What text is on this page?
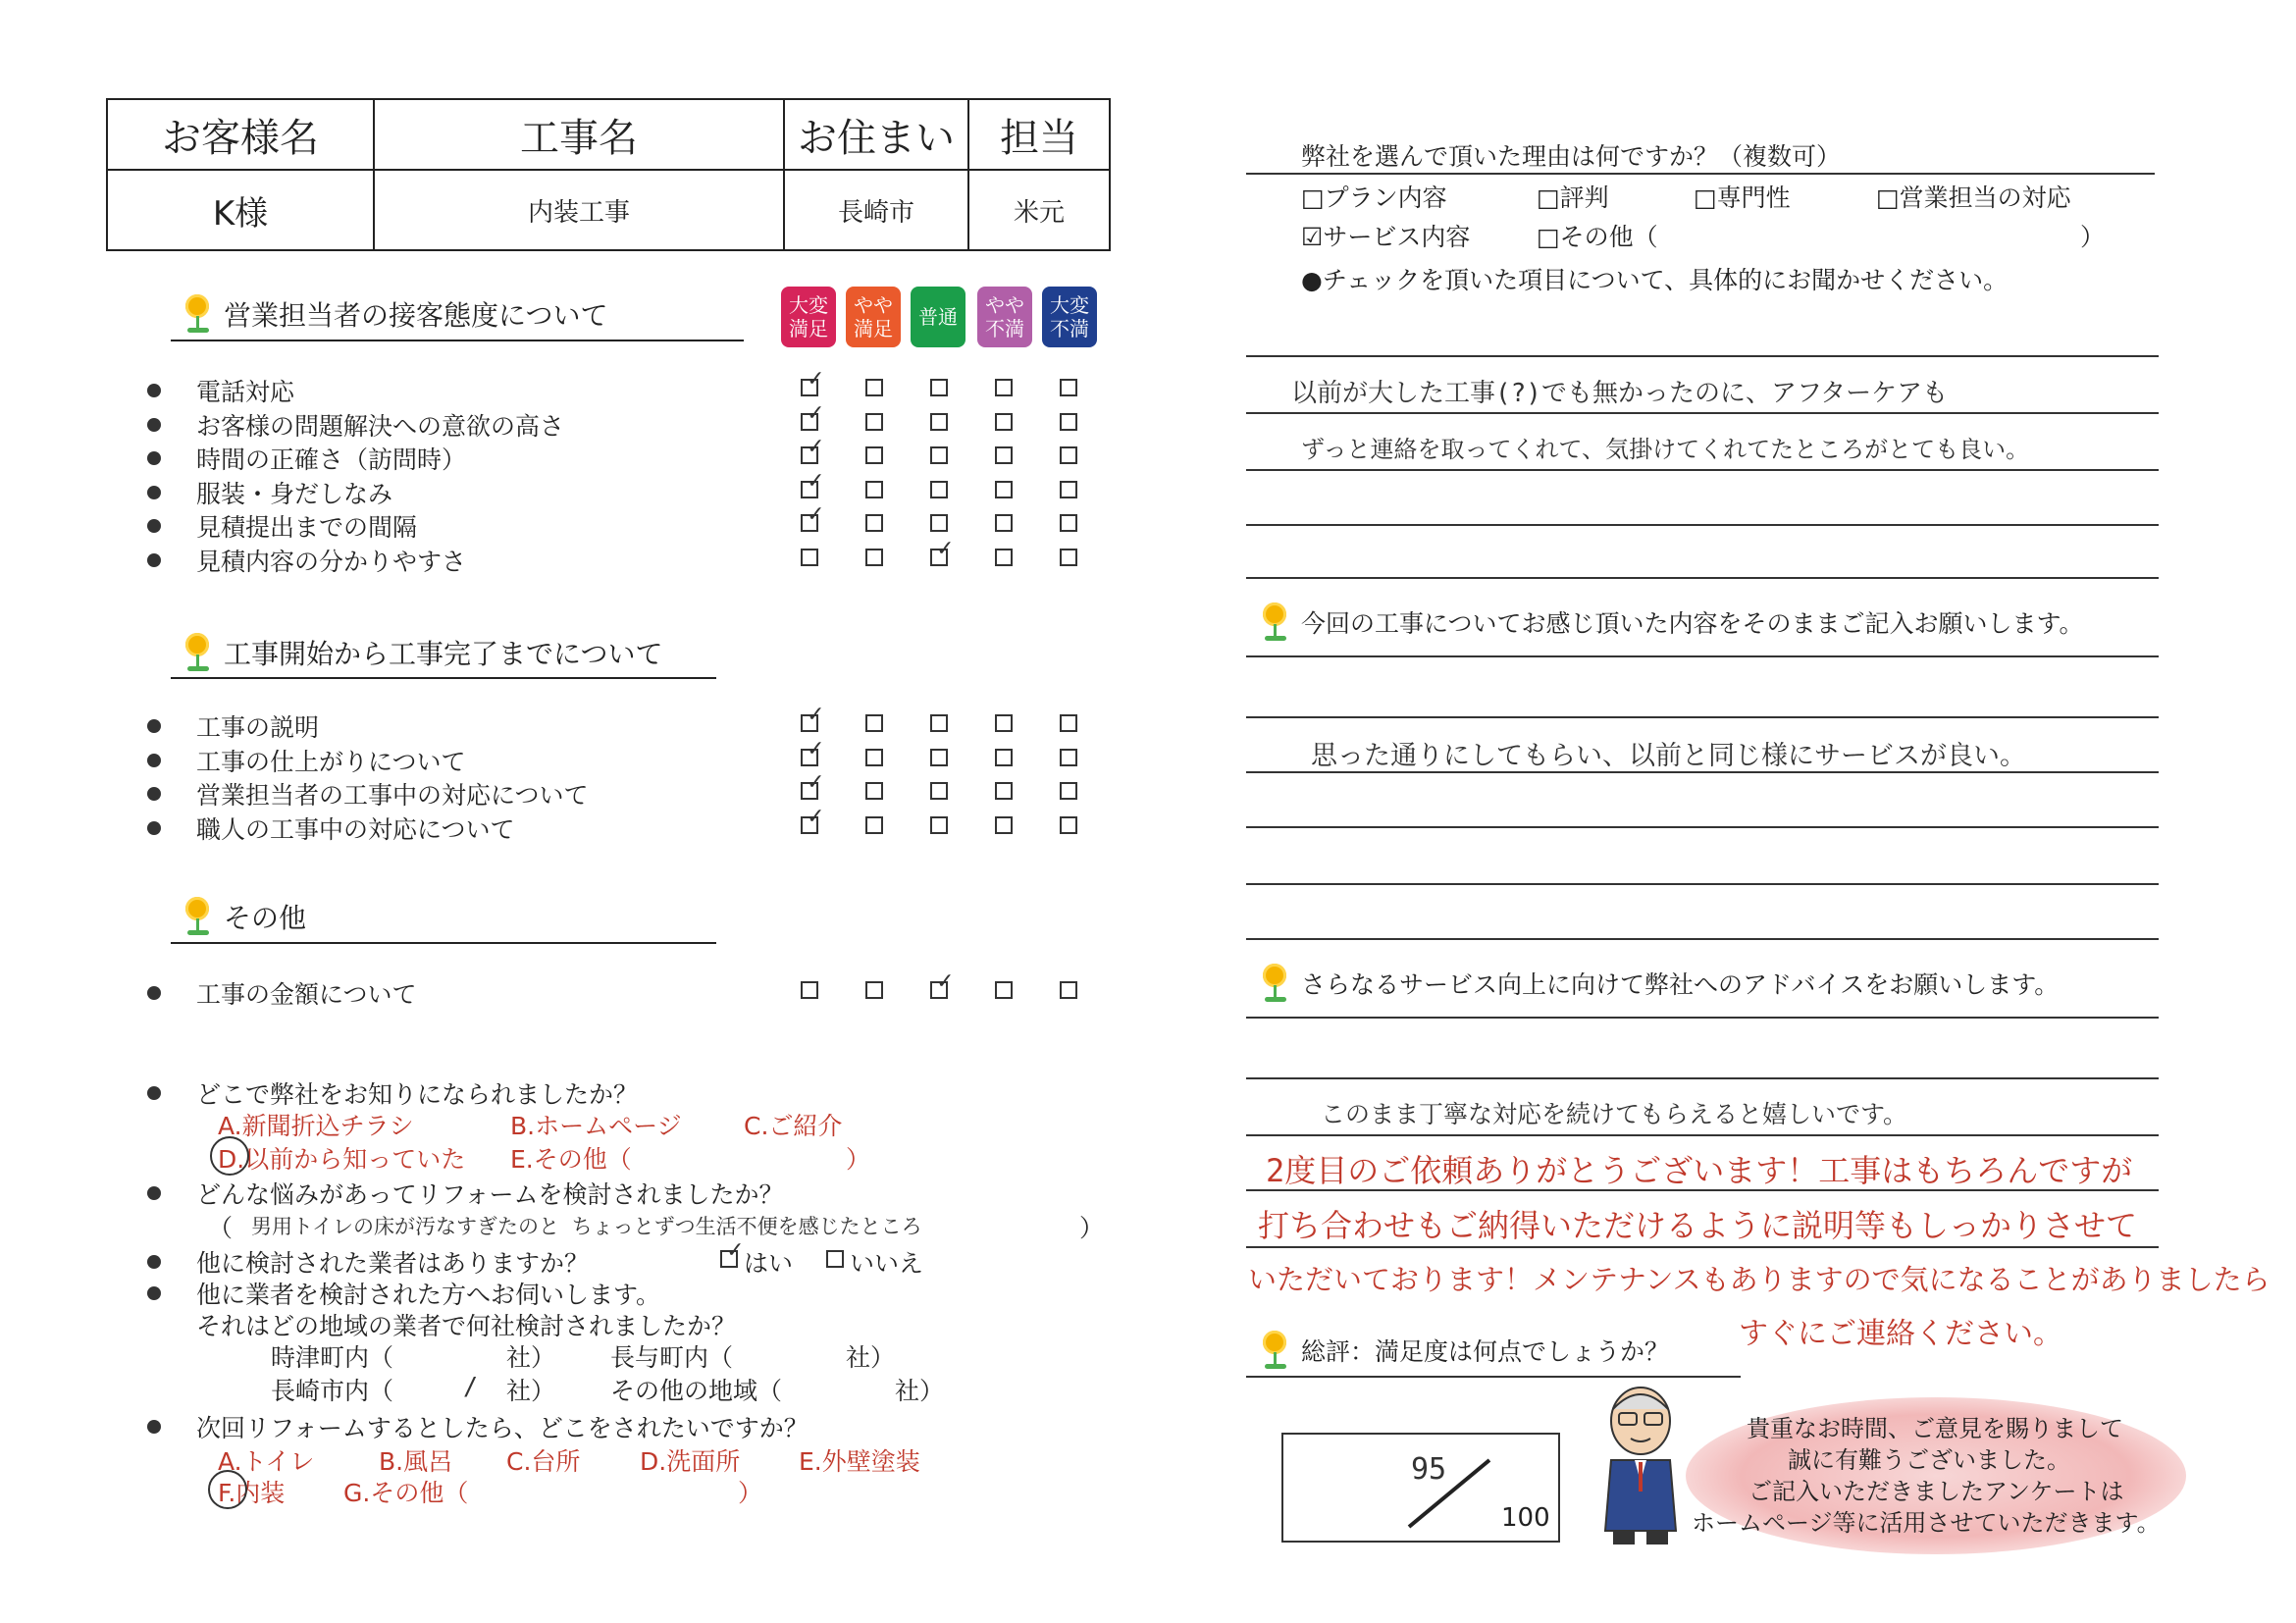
お客様名	工事名	お住まい	担当
K様	内装工事	長崎市	米元
大変
満足
やや
満足 普通 やや
不満
大変
不満
営業担当者の接客態度について
電話対応
✓
お客様の問題解決への意欲の高さ
✓
時間の正確さ（訪問時）
✓
服装・身だしなみ
✓
見積提出までの間隔
✓
見積内容の分かりやすさ
✓
工事開始から工事完了までについて
工事の説明
✓
工事の仕上がりについて
✓
営業担当者の工事中の対応について
✓
職人の工事中の対応について
✓
その他
工事の金額について
✓
どこで弊社をお知りになられましたか？
A.新聞折込チラシ	B.ホームページ	C.ご紹介
D.以前から知っていた E.その他（	）
どんな悩みがあってリフォームを検討されましたか？
（ 男用トイレの床が汚なすぎたのと ちょっとずつ生活不便を感じたところ	）
他に検討された業者はありますか？
✓	はい いいえ
他に業者を検討された方へお伺いします。
それはどの地域の業者で何社検討されましたか？
時津町内（	社） 長与町内（	社）
長崎市内（	/ 社） その他の地域（	社）
次回リフォームするとしたら、どこをされたいですか？
A.トイレ	B.風呂 C.台所 D.洗面所 E.外壁塗装
F.内装 G.その他（	）
弊社を選んで頂いた理由は何ですか？（複数可）
□プラン内容	□評判	□専門性	□営業担当の対応
☑サービス内容	□その他（	）
●チェックを頂いた項目について、具体的にお聞かせください。
以前が大した工事(?)でも無かったのに、アフターケアも
ずっと連絡を取ってくれて、気掛けてくれてたところがとても良い。
今回の工事についてお感じ頂いた内容をそのままご記入お願いします。
思った通りにしてもらい、以前と同じ様にサービスが良い。
さらなるサービス向上に向けて弊社へのアドバイスをお願いします。
このまま丁寧な対応を続けてもらえると嬉しいです。
2度目のご依頼ありがとうございます！工事はもちろんですが
打ち合わせもご納得いただけるように説明等もしっかりさせて
いただいております！メンテナンスもありますので気になることがありましたら
すぐにご連絡ください。
総評：満足度は何点でしょうか？
95
100
貴重なお時間、ご意見を賜りまして
誠に有難うございました。
ご記入いただきましたアンケートは
ホームページ等に活用させていただきます。
